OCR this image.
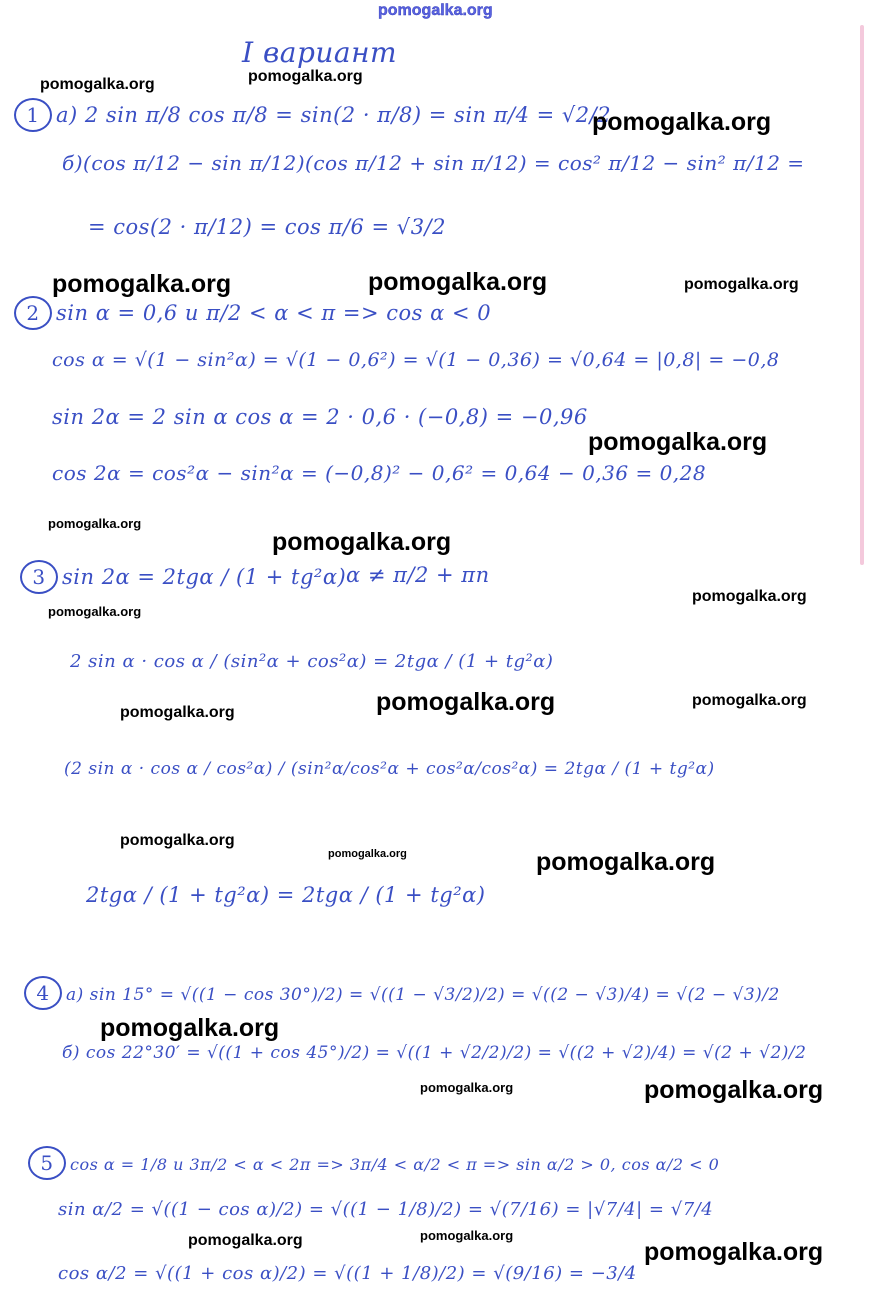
pomogalka.org
I вариант
1 а) 2 sin π/8 cos π/8 = sin(2 · π/8) = sin π/4 = √2/2
б)(cos π/12 − sin π/12)(cos π/12 + sin π/12) = cos² π/12 − sin² π/12 =
= cos(2 · π/12) = cos π/6 = √3/2
2 sin α = 0,6 и π/2 < α < π => cos α < 0
cos α = √(1 − sin²α) = √(1 − 0,6²) = √(1 − 0,36) = √0,64 = |0,8| = −0,8
sin 2α = 2 sin α cos α = 2 · 0,6 · (−0,8) = −0,96
cos 2α = cos²α − sin²α = (−0,8)² − 0,6² = 0,64 − 0,36 = 0,28
3 sin 2α = 2tgα / (1 + tg²α) α ≠ π/2 + πn
2 sin α · cos α / (sin²α + cos²α) = 2tgα / (1 + tg²α)
(2 sin α · cos α / cos²α) / (sin²α/cos²α + cos²α/cos²α) = 2tgα / (1 + tg²α)
2tgα / (1 + tg²α) = 2tgα / (1 + tg²α)
4 а) sin 15° = √((1 − cos 30°)/2) = √((1 − √3/2)/2) = √((2 − √3)/4) = √(2 − √3)/2
б) cos 22°30′ = √((1 + cos 45°)/2) = √((1 + √2/2)/2) = √((2 + √2)/4) = √(2 + √2)/2
5 cos α = 1/8 и 3π/2 < α < 2π => 3π/4 < α/2 < π => sin α/2 > 0, cos α/2 < 0
sin α/2 = √((1 − cos α)/2) = √((1 − 1/8)/2) = √(7/16) = |√7/4| = √7/4
cos α/2 = √((1 + cos α)/2) = √((1 + 1/8)/2) = √(9/16) = −3/4
pomogalka.org	pomogalka.org
pomogalka.org
pomogalka.org	pomogalka.org	pomogalka.org
pomogalka.org
pomogalka.org
pomogalka.org
pomogalka.org
pomogalka.org
pomogalka.org	pomogalka.org
pomogalka.org
pomogalka.org
pomogalka.org	pomogalka.org
pomogalka.org
pomogalka.org	pomogalka.org
pomogalka.org	pomogalka.org
pomogalka.org
